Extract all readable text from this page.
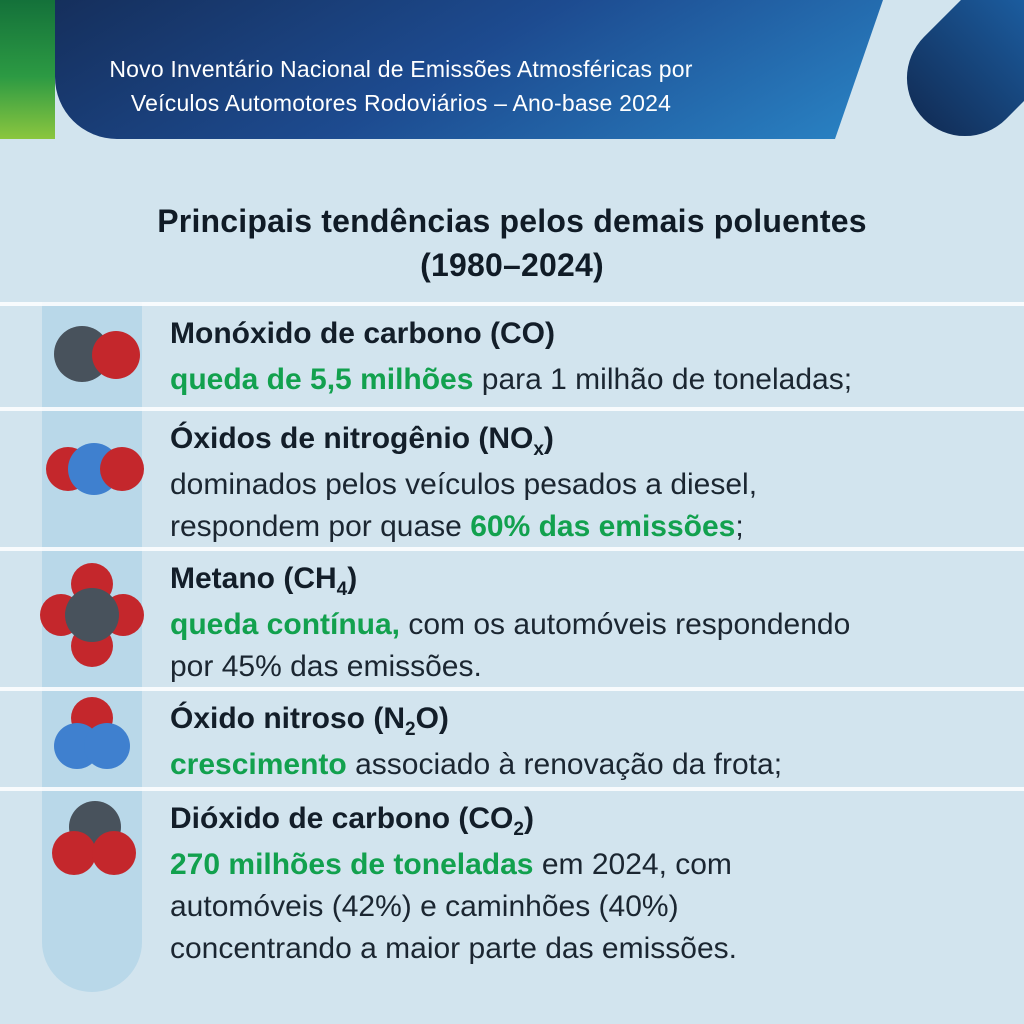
Novo Inventário Nacional de Emissões Atmosféricas por
Veículos Automotores Rodoviários – Ano-base 2024
Principais tendências pelos demais poluentes
(1980–2024)
Monóxido de carbono (CO)
queda de 5,5 milhões para 1 milhão de toneladas;
Óxidos de nitrogênio $(NO_x)$
dominados pelos veículos pesados a diesel,
respondem por quase 60% das emissões;
Metano $(CH_4)$
queda contínua, com os automóveis respondendo
por 45% das emissões.
Óxido nitroso $(N_2O)$
crescimento associado à renovação da frota;
Dióxido de carbono $(CO_2)$
270 milhões de toneladas em 2024, com
automóveis (42%) e caminhões (40%)
concentrando a maior parte das emissões.
